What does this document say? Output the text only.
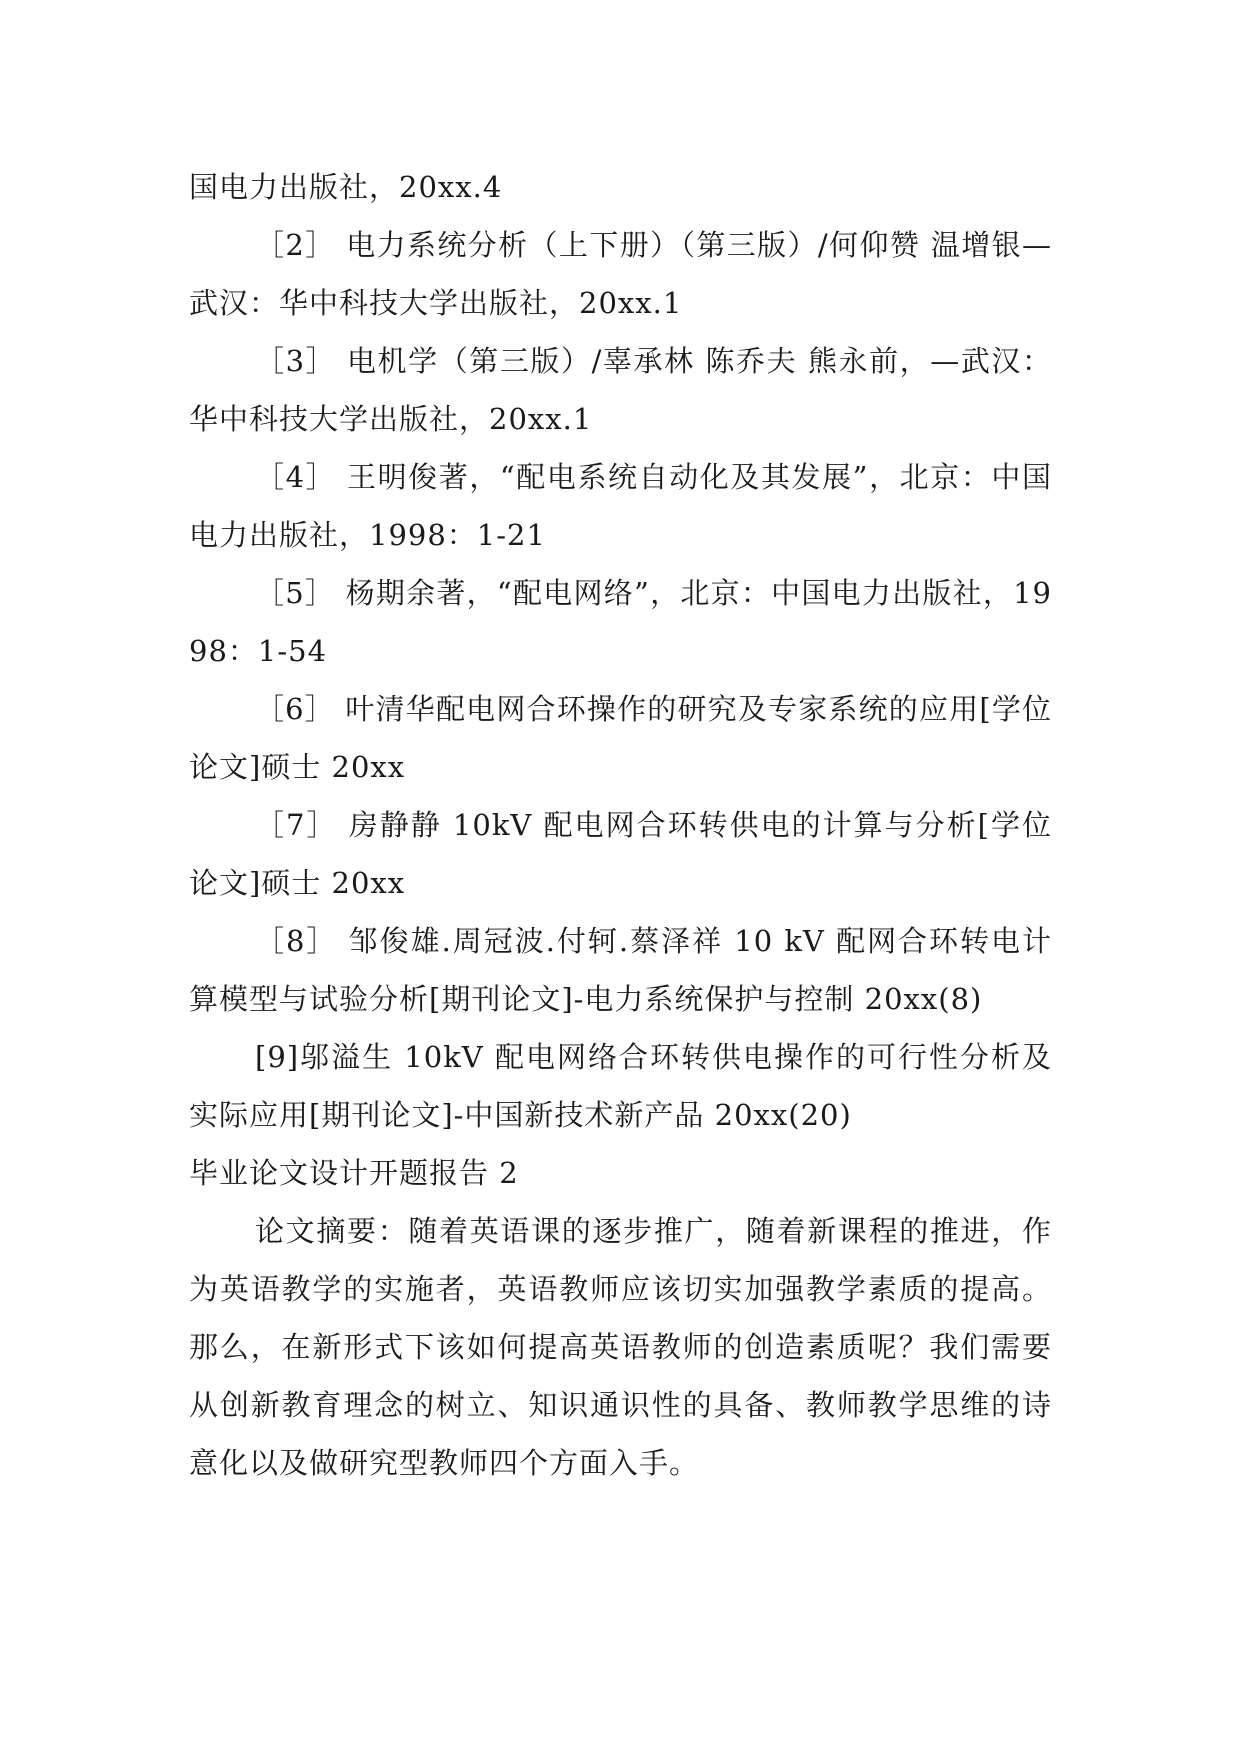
国电力出版社，20xx.4

［2］ 电力系统分析（上下册）（第三版）/何仰赞 温增银—武汉：华中科技大学出版社，20xx.1

［3］ 电机学（第三版）/辜承林 陈乔夫 熊永前，—武汉：华中科技大学出版社，20xx.1

［4］ 王明俊著，“配电系统自动化及其发展”，北京：中国电力出版社，1998：1-21

［5］ 杨期余著，“配电网络”，北京：中国电力出版社，1998：1-54

［6］ 叶清华配电网合环操作的研究及专家系统的应用[学位论文]硕士 20xx

［7］ 房静静 10kV 配电网合环转供电的计算与分析[学位论文]硕士 20xx

［8］ 邹俊雄.周冠波.付轲.蔡泽祥 10 kV 配网合环转电计算模型与试验分析[期刊论文]-电力系统保护与控制 20xx(8)

[9]邬溢生 10kV 配电网络合环转供电操作的可行性分析及实际应用[期刊论文]-中国新技术新产品 20xx(20)

毕业论文设计开题报告 2

论文摘要：随着英语课的逐步推广，随着新课程的推进，作为英语教学的实施者，英语教师应该切实加强教学素质的提高。那么，在新形式下该如何提高英语教师的创造素质呢？我们需要从创新教育理念的树立、知识通识性的具备、教师教学思维的诗意化以及做研究型教师四个方面入手。
